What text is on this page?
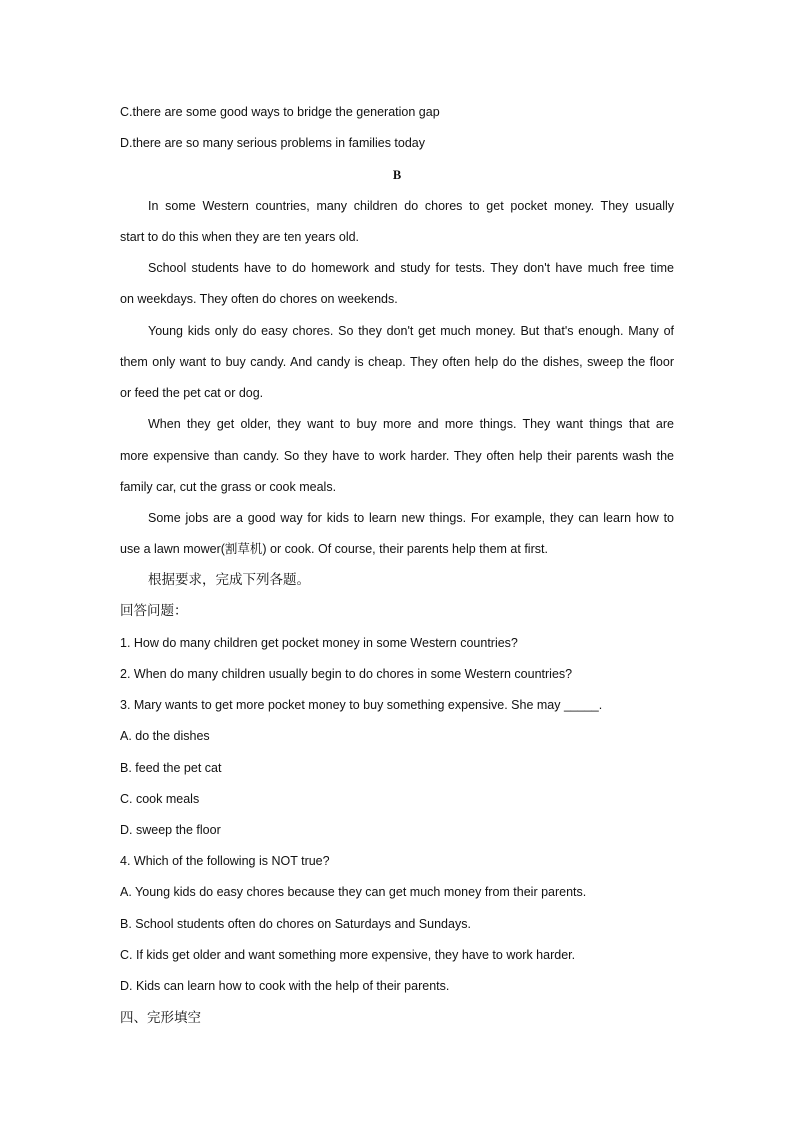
C.there are some good ways to bridge the generation gap
D.there are so many serious problems in families today
B
In some Western countries, many children do chores to get pocket money. They usually
start to do this when they are ten years old.
School students have to do homework and study for tests. They don't have much free time
on weekdays. They often do chores on weekends.
Young kids only do easy chores. So they don't get much money. But that's enough. Many of
them only want to buy candy. And candy is cheap. They often help do the dishes, sweep the floor
or feed the pet cat or dog.
When they get older, they want to buy more and more things. They want things that are
more expensive than candy. So they have to work harder. They often help their parents wash the
family car, cut the grass or cook meals.
Some jobs are a good way for kids to learn new things. For example, they can learn how to
use a lawn mower(割草机) or cook. Of course, their parents help them at first.
根据要求，完成下列各题。
回答问题：
1. How do many children get pocket money in some Western countries?
2. When do many children usually begin to do chores in some Western countries?
3. Mary wants to get more pocket money to buy something expensive. She may _____.
A. do the dishes
B. feed the pet cat
C. cook meals
D. sweep the floor
4. Which of the following is NOT true?
A. Young kids do easy chores because they can get much money from their parents.
B. School students often do chores on Saturdays and Sundays.
C. If kids get older and want something more expensive, they have to work harder.
D. Kids can learn how to cook with the help of their parents.
四、完形填空
